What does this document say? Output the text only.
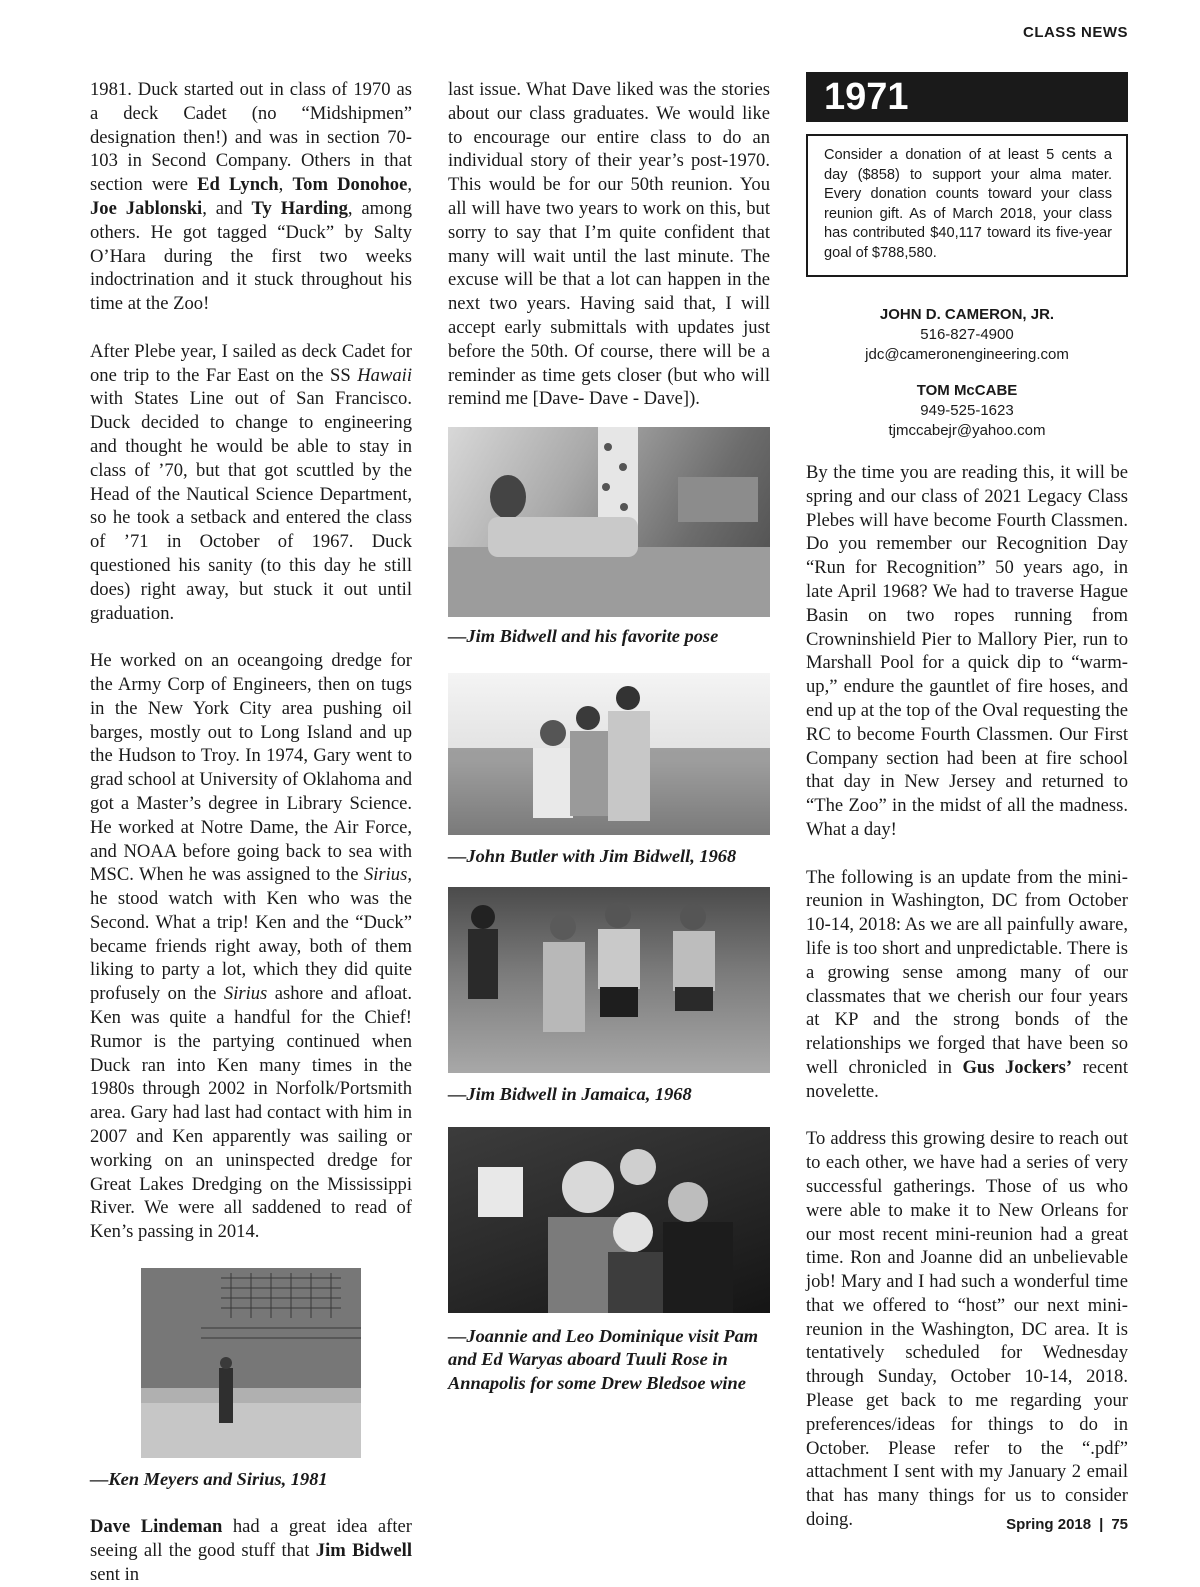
CLASS NEWS

1981. Duck started out in class of 1970 as a deck Cadet (no “Midshipmen” designation then!) and was in section 70-103 in Second Company. Others in that section were Ed Lynch, Tom Donohoe, Joe Jablonski, and Ty Harding, among others. He got tagged “Duck” by Salty O’Hara during the first two weeks indoctrination and it stuck throughout his time at the Zoo!

After Plebe year, I sailed as deck Cadet for one trip to the Far East on the SS Hawaii with States Line out of San Francisco. Duck decided to change to engineering and thought he would be able to stay in class of ’70, but that got scuttled by the Head of the Nautical Science Department, so he took a setback and entered the class of ’71 in October of 1967. Duck questioned his sanity (to this day he still does) right away, but stuck it out until graduation.

He worked on an oceangoing dredge for the Army Corp of Engineers, then on tugs in the New York City area pushing oil barges, mostly out to Long Island and up the Hudson to Troy. In 1974, Gary went to grad school at University of Oklahoma and got a Master’s degree in Library Science. He worked at Notre Dame, the Air Force, and NOAA before going back to sea with MSC. When he was assigned to the Sirius, he stood watch with Ken who was the Second. What a trip! Ken and the “Duck” became friends right away, both of them liking to party a lot, which they did quite profusely on the Sirius ashore and afloat. Ken was quite a handful for the Chief! Rumor is the partying continued when Duck ran into Ken many times in the 1980s through 2002 in Norfolk/Portsmith area. Gary had last had contact with him in 2007 and Ken apparently was sailing or working on an uninspected dredge for Great Lakes Dredging on the Mississippi River. We were all saddened to read of Ken’s passing in 2014.

—Ken Meyers and Sirius, 1981

Dave Lindeman had a great idea after seeing all the good stuff that Jim Bidwell sent in

last issue. What Dave liked was the stories about our class graduates. We would like to encourage our entire class to do an individual story of their year’s post-1970. This would be for our 50th reunion. You all will have two years to work on this, but sorry to say that I’m quite confident that many will wait until the last minute. The excuse will be that a lot can happen in the next two years. Having said that, I will accept early submittals with updates just before the 50th. Of course, there will be a reminder as time gets closer (but who will remind me [Dave- Dave - Dave]).

—Jim Bidwell and his favorite pose
—John Butler with Jim Bidwell, 1968
—Jim Bidwell in Jamaica, 1968
—Joannie and Leo Dominique visit Pam and Ed Waryas aboard Tuuli Rose in Annapolis for some Drew Bledsoe wine
1971
Consider a donation of at least 5 cents a day ($858) to support your alma mater. Every donation counts toward your class reunion gift. As of March 2018, your class has contributed $40,117 toward its five-year goal of $788,580.
JOHN D. CAMERON, JR.
516-827-4900
jdc@cameronengineering.com
TOM McCABE
949-525-1623
tjmccabejr@yahoo.com

By the time you are reading this, it will be spring and our class of 2021 Legacy Class Plebes will have become Fourth Classmen. Do you remember our Recognition Day “Run for Recognition” 50 years ago, in late April 1968? We had to traverse Hague Basin on two ropes running from Crowninshield Pier to Mallory Pier, run to Marshall Pool for a quick dip to “warm-up,” endure the gauntlet of fire hoses, and end up at the top of the Oval requesting the RC to become Fourth Classmen. Our First Company section had been at fire school that day in New Jersey and returned to “The Zoo” in the midst of all the madness. What a day!

The following is an update from the mini-reunion in Washington, DC from October 10-14, 2018: As we are all painfully aware, life is too short and unpredictable. There is a growing sense among many of our classmates that we cherish our four years at KP and the strong bonds of the relationships we forged that have been so well chronicled in Gus Jockers’ recent novelette.

To address this growing desire to reach out to each other, we have had a series of very successful gatherings. Those of us who were able to make it to New Orleans for our most recent mini-reunion had a great time. Ron and Joanne did an unbelievable job! Mary and I had such a wonderful time that we offered to “host” our next mini-reunion in the Washington, DC area. It is tentatively scheduled for Wednesday through Sunday, October 10-14, 2018. Please get back to me regarding your preferences/ideas for things to do in October. Please refer to the “.pdf” attachment I sent with my January 2 email that has many things for us to consider doing.	Spring 2018 | 75
